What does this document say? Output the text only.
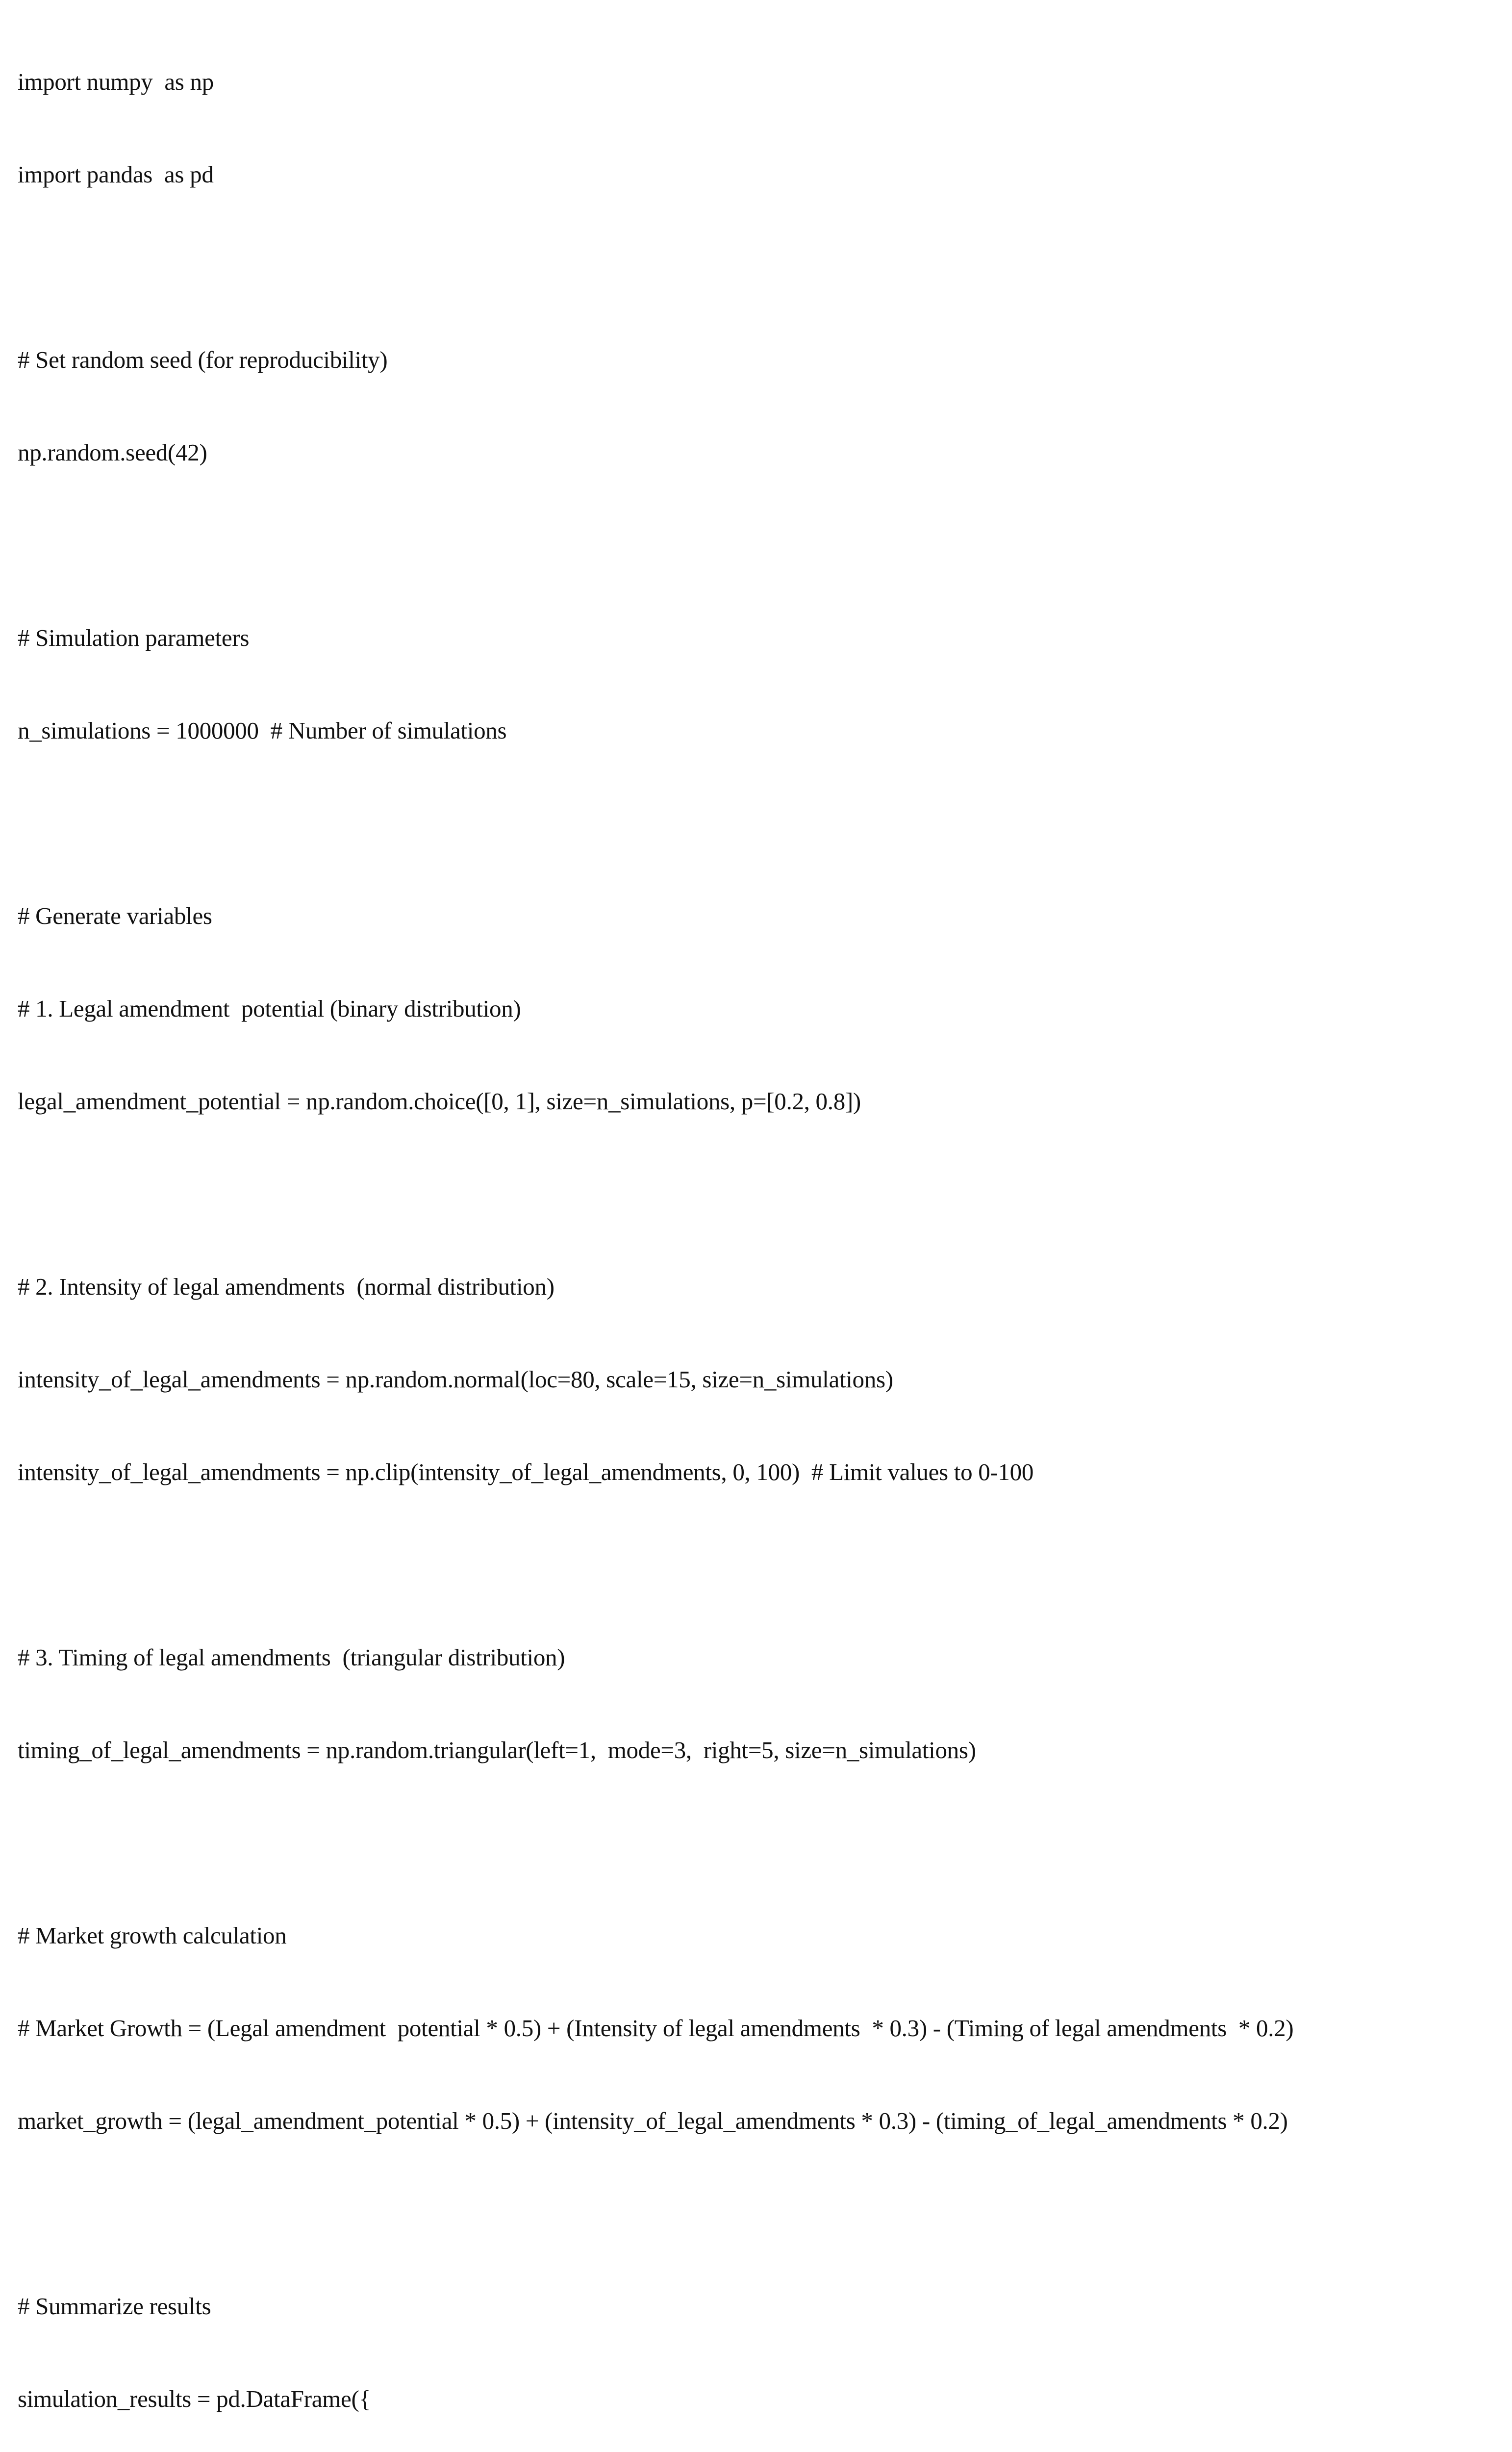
import numpy  as np

import pandas  as pd

# Set random seed (for reproducibility)

np.random.seed(42)

# Simulation parameters

n_simulations = 1000000  # Number of simulations

# Generate variables

# 1. Legal amendment  potential (binary distribution)

legal_amendment_potential = np.random.choice([0, 1], size=n_simulations, p=[0.2, 0.8])

# 2. Intensity of legal amendments  (normal distribution)

intensity_of_legal_amendments = np.random.normal(loc=80, scale=15, size=n_simulations)

intensity_of_legal_amendments = np.clip(intensity_of_legal_amendments, 0, 100)  # Limit values to 0-100

# 3. Timing of legal amendments  (triangular distribution)

timing_of_legal_amendments = np.random.triangular(left=1,  mode=3,  right=5, size=n_simulations)

# Market growth calculation

# Market Growth = (Legal amendment  potential * 0.5) + (Intensity of legal amendments  * 0.3) - (Timing of legal amendments  * 0.2)

market_growth = (legal_amendment_potential * 0.5) + (intensity_of_legal_amendments * 0.3) - (timing_of_legal_amendments * 0.2)

# Summarize results

simulation_results = pd.DataFrame({
